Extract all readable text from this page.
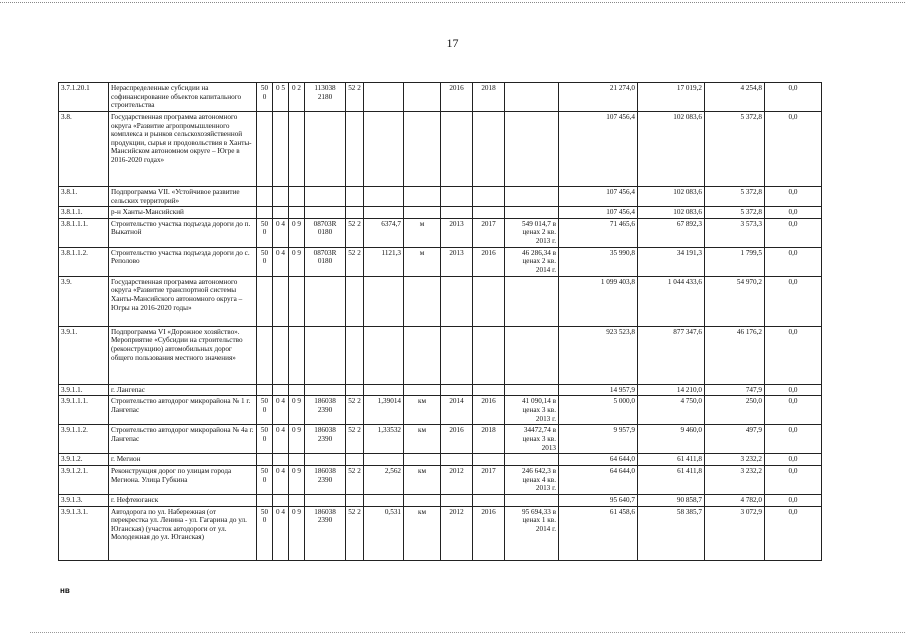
17
3.7.1.20.1	Нераспределенные субсидии на софинансирование объектов капитального строительства	50 0	0 5	0 2	113038 2180	52 2			2016	2018		21 274,0	17 019,2	4 254,8	0,0
3.8.	Государственная программа автономного округа «Развитие агропромышленного комплекса и рынков сельскохозяйственной продукции, сырья и продовольствия в Ханты-Мансийском автономном округе – Югре в 2016-2020 годах»											107 456,4	102 083,6	5 372,8	0,0
3.8.1.	Подпрограмма VII. «Устойчивое развитие сельских территорий»											107 456,4	102 083,6	5 372,8	0,0
3.8.1.1.	р-н Ханты-Мансийский											107 456,4	102 083,6	5 372,8	0,0
3.8.1.1.1.	Строительство участка подъезда дороги до п. Выкатной	50 0	0 4	0 9	08703R 0180	52 2	6374,7	м	2013	2017	549 014,7 в ценах 2 кв. 2013 г.	71 465,6	67 892,3	3 573,3	0,0
3.8.1.1.2.	Строительство участка подъезда дороги до с. Реполово	50 0	0 4	0 9	08703R 0180	52 2	1121,3	м	2013	2016	46 286,34 в ценах 2 кв. 2014 г.	35 990,8	34 191,3	1 799,5	0,0
3.9.	Государственная программа автономного округа «Развитие транспортной системы Ханты-Мансийского автономного округа – Югры на 2016-2020 годы»											1 099 403,8	1 044 433,6	54 970,2	0,0
3.9.1.	Подпрограмма VI «Дорожное хозяйство». Мероприятие «Субсидии на строительство (реконструкцию) автомобильных дорог общего пользования местного значения»											923 523,8	877 347,6	46 176,2	0,0
3.9.1.1.	г. Лангепас											14 957,9	14 210,0	747,9	0,0
3.9.1.1.1.	Строительство автодорог микрорайона № 1 г. Лангепас	50 0	0 4	0 9	186038 2390	52 2	1,39014	км	2014	2016	41 090,14 в ценах 3 кв. 2013 г.	5 000,0	4 750,0	250,0	0,0
3.9.1.1.2.	Строительство автодорог микрорайона № 4а г. Лангепас	50 0	0 4	0 9	186038 2390	52 2	1,33532	км	2016	2018	34472,74 в ценах 3 кв. 2013	9 957,9	9 460,0	497,9	0,0
3.9.1.2.	г. Мегион											64 644,0	61 411,8	3 232,2	0,0
3.9.1.2.1.	Реконструкция дорог по улицам города Мегиона. Улица Губкина	50 0	0 4	0 9	186038 2390	52 2	2,562	км	2012	2017	246 642,3 в ценах 4 кв. 2013 г.	64 644,0	61 411,8	3 232,2	0,0
3.9.1.3.	г. Нефтеюганск											95 640,7	90 858,7	4 782,0	0,0
3.9.1.3.1.	Автодорога по ул. Набережная (от перекрестка ул. Ленина - ул. Гагарина до ул. Юганская) (участок автодороги от ул. Молодежная до ул. Юганская)	50 0	0 4	0 9	186038 2390	52 2	0,531	км	2012	2016	95 694,33 в ценах 1 кв. 2014 г.	61 458,6	58 385,7	3 072,9	0,0
нв
